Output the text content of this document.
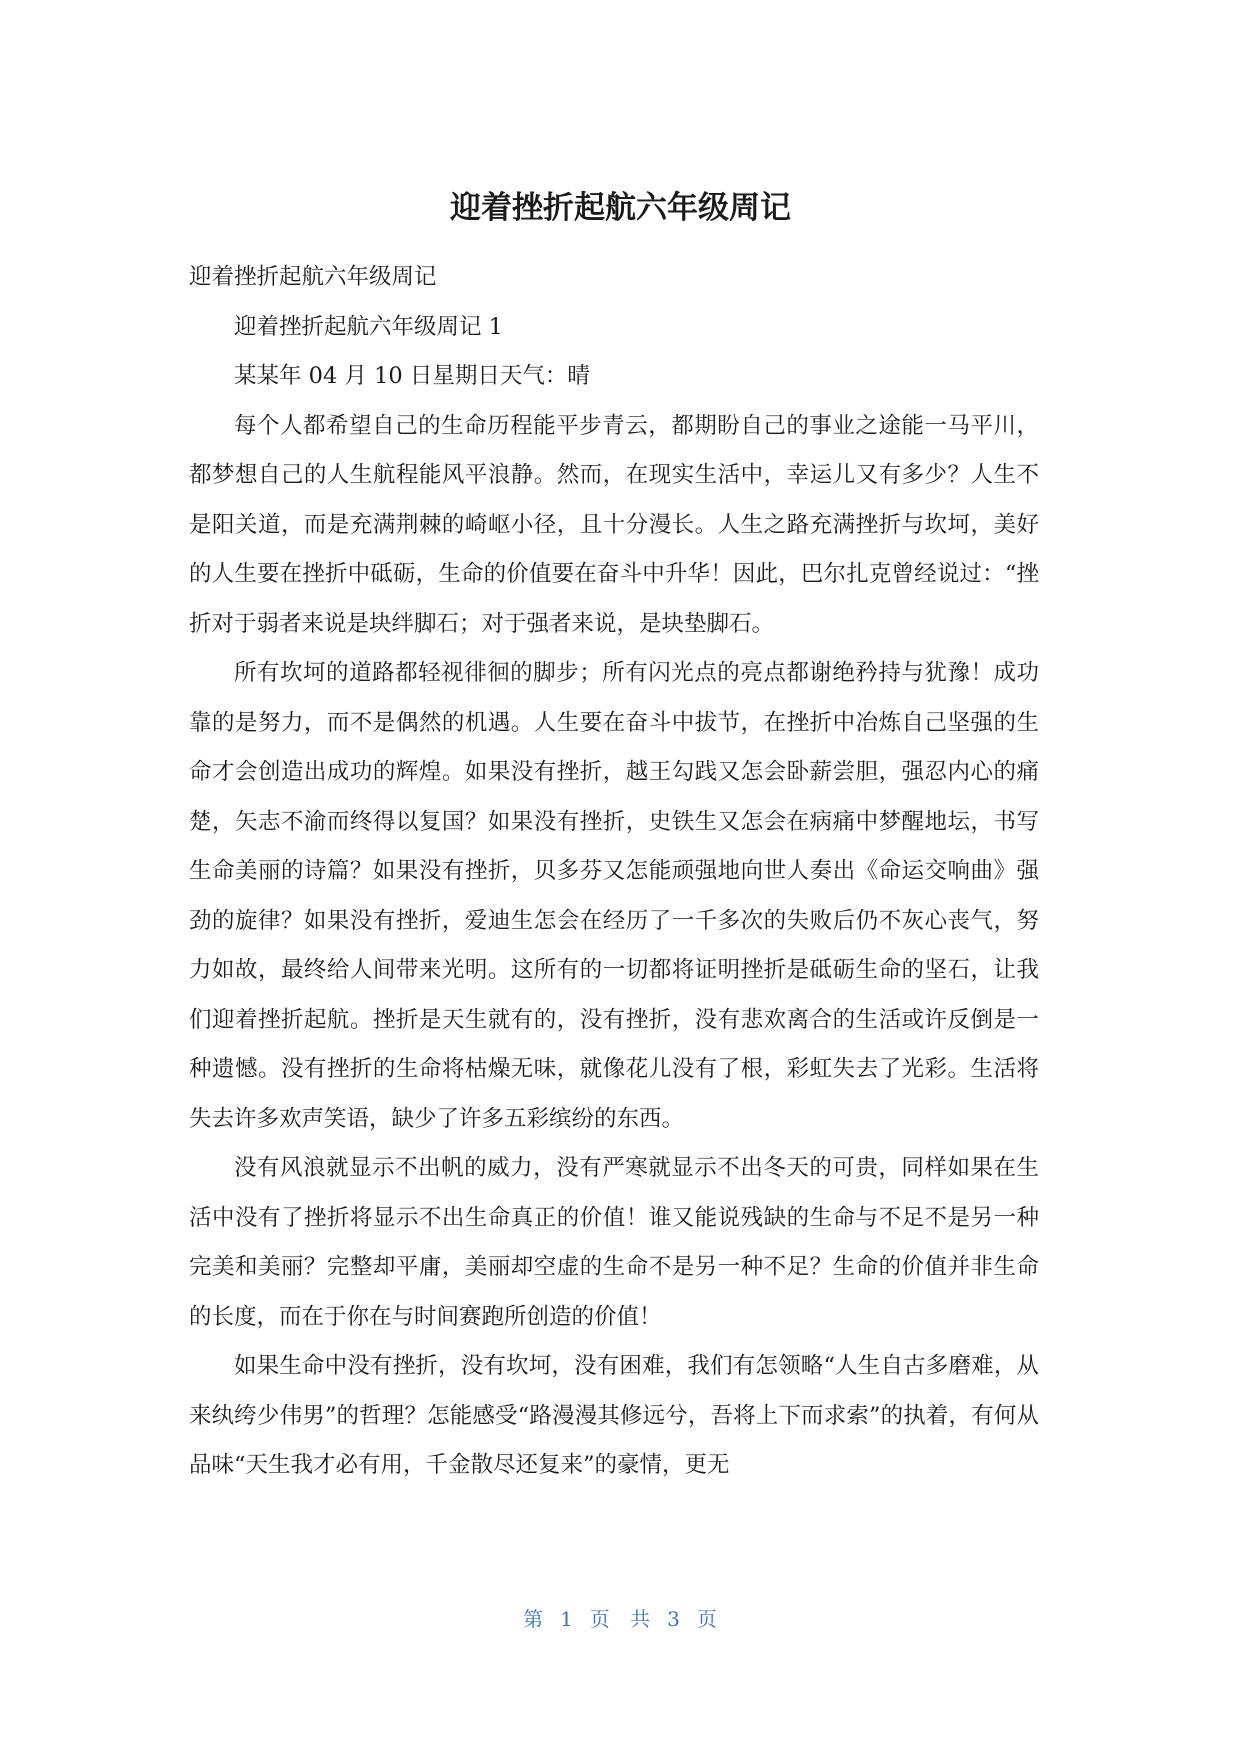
迎着挫折起航六年级周记

迎着挫折起航六年级周记

迎着挫折起航六年级周记 1

某某年 04 月 10 日星期日天气：晴

每个人都希望自己的生命历程能平步青云，都期盼自己的事业之途能一马平川，都梦想自己的人生航程能风平浪静。然而，在现实生活中，幸运儿又有多少？人生不是阳关道，而是充满荆棘的崎岖小径，且十分漫长。人生之路充满挫折与坎坷，美好的人生要在挫折中砥砺，生命的价值要在奋斗中升华！因此，巴尔扎克曾经说过：“挫折对于弱者来说是块绊脚石；对于强者来说，是块垫脚石。

所有坎坷的道路都轻视徘徊的脚步；所有闪光点的亮点都谢绝矜持与犹豫！成功靠的是努力，而不是偶然的机遇。人生要在奋斗中拔节，在挫折中冶炼自己坚强的生命才会创造出成功的辉煌。如果没有挫折，越王勾践又怎会卧薪尝胆，强忍内心的痛楚，矢志不渝而终得以复国？如果没有挫折，史铁生又怎会在病痛中梦醒地坛，书写生命美丽的诗篇？如果没有挫折，贝多芬又怎能顽强地向世人奏出《命运交响曲》强劲的旋律？如果没有挫折，爱迪生怎会在经历了一千多次的失败后仍不灰心丧气，努力如故，最终给人间带来光明。这所有的一切都将证明挫折是砥砺生命的坚石，让我们迎着挫折起航。挫折是天生就有的，没有挫折，没有悲欢离合的生活或许反倒是一种遗憾。没有挫折的生命将枯燥无味，就像花儿没有了根，彩虹失去了光彩。生活将失去许多欢声笑语，缺少了许多五彩缤纷的东西。

没有风浪就显示不出帆的威力，没有严寒就显示不出冬天的可贵，同样如果在生活中没有了挫折将显示不出生命真正的价值！谁又能说残缺的生命与不足不是另一种完美和美丽？完整却平庸，美丽却空虚的生命不是另一种不足？生命的价值并非生命的长度，而在于你在与时间赛跑所创造的价值！

如果生命中没有挫折，没有坎坷，没有困难，我们有怎领略“人生自古多磨难，从来纨绔少伟男”的哲理？怎能感受“路漫漫其修远兮，吾将上下而求索”的执着，有何从品味“天生我才必有用，千金散尽还复来”的豪情，更无

第 1 页 共 3 页
